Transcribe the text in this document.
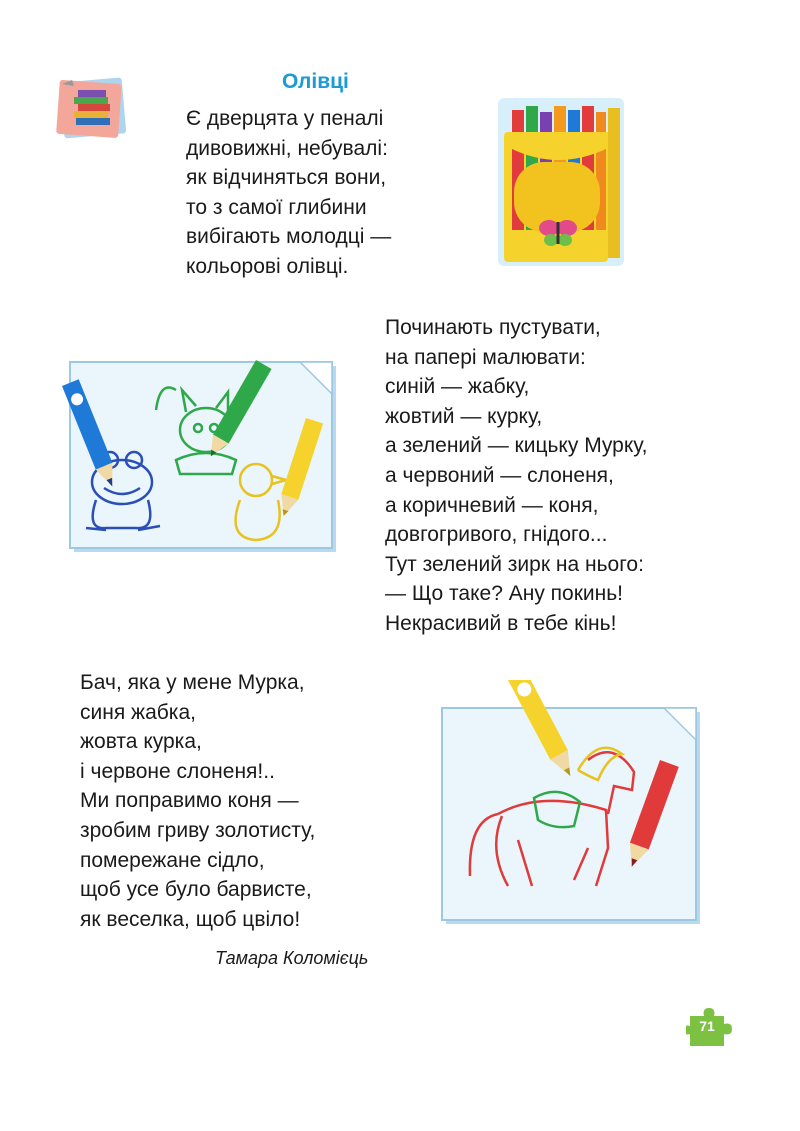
Олівці
Є дверцята у пеналі
дивовижні, небувалі:
як відчиняться вони,
то з самої глибини
вибігають молодці —
кольорові олівці.
Починають пустувати,
на папері малювати:
синій — жабку,
жовтий — курку,
а зелений — кицьку Мурку,
а червоний — слоненя,
а коричневий — коня,
довгогривого, гнідого...
Тут зелений зирк на нього:
— Що таке? Ану покинь!
Некрасивий в тебе кінь!
Бач, яка у мене Мурка,
синя жабка,
жовта курка,
і червоне слоненя!..
Ми поправимо коня —
зробим гриву золотисту,
помережане сідло,
щоб усе було барвисте,
як веселка, щоб цвіло!
Тамара Коломієць
71
